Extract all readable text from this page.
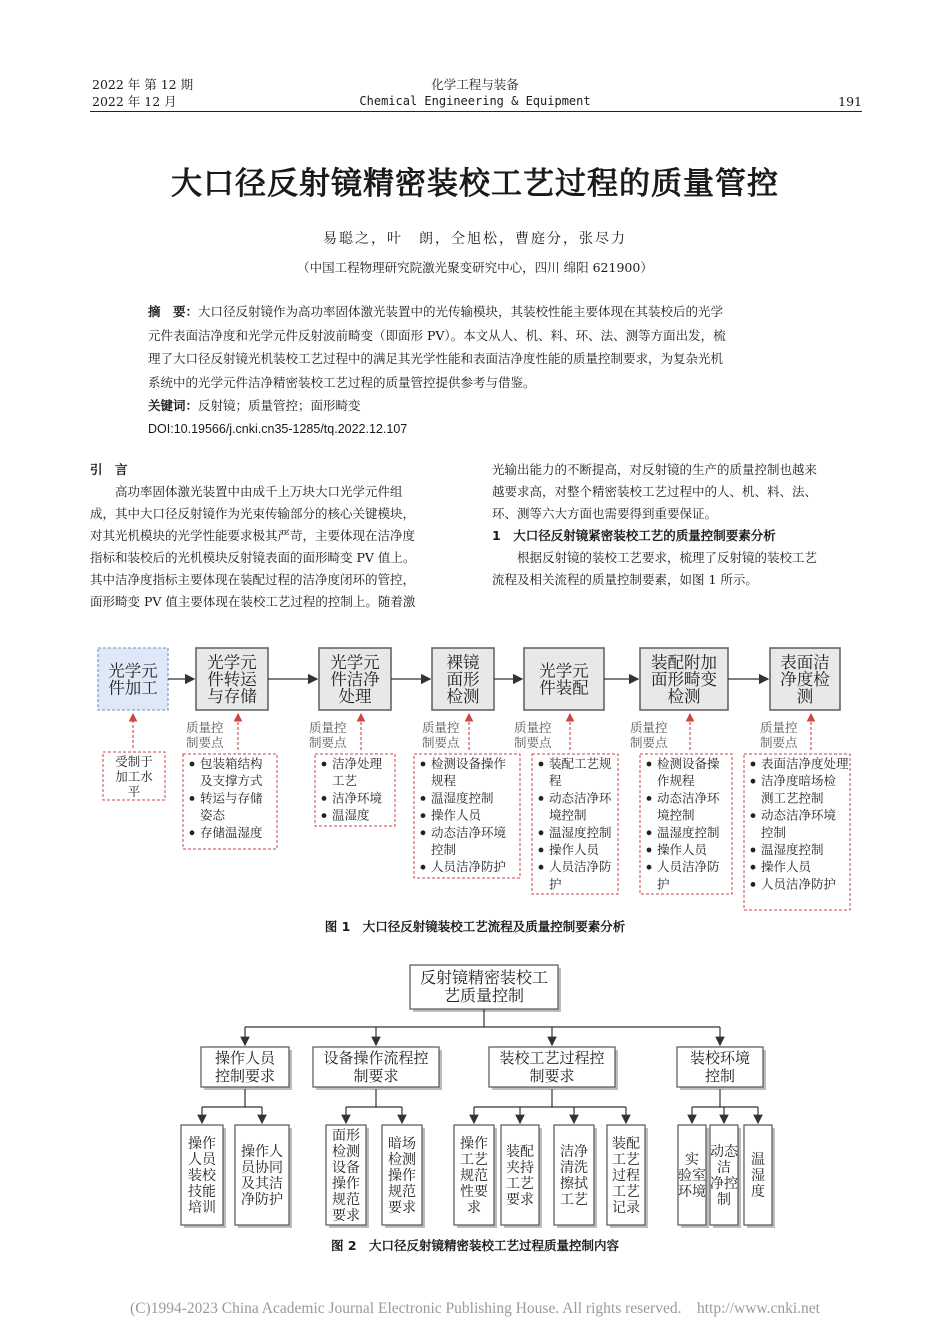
2022 年 第 12 期
2022 年 12 月
化学工程与装备
Chemical Engineering & Equipment	191
大口径反射镜精密装校工艺过程的质量管控
易聪之，叶　朗，仝旭松，曹庭分，张尽力
（中国工程物理研究院激光聚变研究中心，四川 绵阳 621900）
摘　要：大口径反射镜作为高功率固体激光装置中的光传输模块，其装校性能主要体现在其装校后的光学
元件表面洁净度和光学元件反射波前畸变（即面形 PV）。本文从人、机、料、环、法、测等方面出发，梳
理了大口径反射镜光机装校工艺过程中的满足其光学性能和表面洁净度性能的质量控制要求，为复杂光机
系统中的光学元件洁净精密装校工艺过程的质量管控提供参考与借鉴。
关键词：反射镜；质量管控；面形畸变
DOI:10.19566/j.cnki.cn35-1285/tq.2022.12.107
引　言

高功率固体激光装置中由成千上万块大口光学元件组

成，其中大口径反射镜作为光束传输部分的核心关键模块，

对其光机模块的光学性能要求极其严苛，主要体现在洁净度

指标和装校后的光机模块反射镜表面的面形畸变 PV 值上。

其中洁净度指标主要体现在装配过程的洁净度闭环的管控，

面形畸变 PV 值主要体现在装校工艺过程的控制上。随着激

光输出能力的不断提高，对反射镜的生产的质量控制也越来

越要求高，对整个精密装校工艺过程中的人、机、料、法、

环、测等六大方面也需要得到重要保证。

1　大口径反射镜紧密装校工艺的质量控制要素分析

根据反射镜的装校工艺要求，梳理了反射镜的装校工艺

流程及相关流程的质量控制要素，如图 1 所示。

光学元
件加工
光学元
件转运
与存储
光学元
件洁净
处理
裸镜
面形
检测
光学元
件装配
装配附加
面形畸变
检测
表面洁
净度检
测
受制于
加工水
平
质量控
制要点
包装箱结构
及支撑方式
转运与存储
姿态
存储温湿度
质量控
制要点
洁净处理
工艺
洁净环境
温湿度
质量控
制要点
检测设备操作
规程
温湿度控制
操作人员
动态洁净环境
控制
人员洁净防护
质量控
制要点
装配工艺规
程
动态洁净环
境控制
温湿度控制
操作人员
人员洁净防
护
质量控
制要点
检测设备操
作规程
动态洁净环
境控制
温湿度控制
操作人员
人员洁净防
护
质量控
制要点
表面洁净度处理
洁净度暗场检
测工艺控制
动态洁净环境
控制
温湿度控制
操作人员
人员洁净防护
图 1　大口径反射镜装校工艺流程及质量控制要素分析
反射镜精密装校工
艺质量控制
操作人员
控制要求
设备操作流程控
制要求
装校工艺过程控
制要求
装校环境
控制
操作
人员
装校
技能
培训
操作人
员协同
及其洁
净防护
面形
检测
设备
操作
规范
要求
暗场
检测
操作
规范
要求
操作
工艺
规范
性要
求
装配
夹持
工艺
要求
洁净
清洗
擦拭
工艺
装配
工艺
过程
工艺
记录
实
验室
环境
动态
洁
净控
制
温
湿
度
图 2　大口径反射镜精密装校工艺过程质量控制内容
(C)1994-2023 China Academic Journal Electronic Publishing House. All rights reserved.　http://www.cnki.net
